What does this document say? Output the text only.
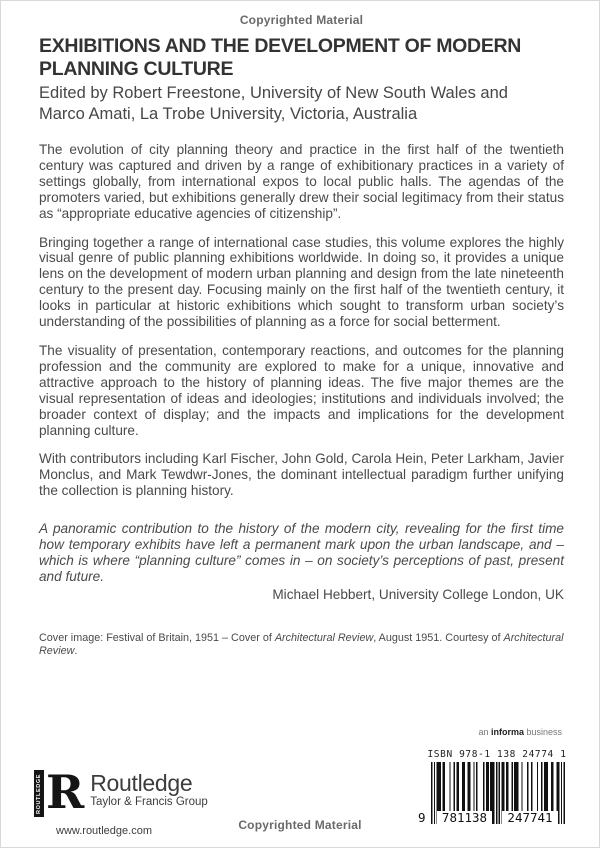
Copyrighted Material
EXHIBITIONS AND THE DEVELOPMENT OF MODERN PLANNING CULTURE
Edited by Robert Freestone, University of New South Wales and Marco Amati, La Trobe University, Victoria, Australia

The evolution of city planning theory and practice in the first half of the twentieth century was captured and driven by a range of exhibitionary practices in a variety of settings globally, from international expos to local public halls. The agendas of the promoters varied, but exhibitions generally drew their social legitimacy from their status as “appropriate educative agencies of citizenship”.

Bringing together a range of international case studies, this volume explores the highly visual genre of public planning exhibitions worldwide. In doing so, it provides a unique lens on the development of modern urban planning and design from the late nineteenth century to the present day. Focusing mainly on the first half of the twentieth century, it looks in particular at historic exhibitions which sought to transform urban society’s understanding of the possibilities of planning as a force for social betterment.

The visuality of presentation, contemporary reactions, and outcomes for the planning profession and the community are explored to make for a unique, innovative and attractive approach to the history of planning ideas. The five major themes are the visual representation of ideas and ideologies; institutions and individuals involved; the broader context of display; and the impacts and implications for the development planning culture.

With contributors including Karl Fischer, John Gold, Carola Hein, Peter Larkham, Javier Monclus, and Mark Tewdwr-Jones, the dominant intellectual paradigm further unifying the collection is planning history.

A panoramic contribution to the history of the modern city, revealing for the first time how temporary exhibits have left a permanent mark upon the urban landscape, and – which is where “planning culture” comes in – on society’s perceptions of past, present and future.

Michael Hebbert, University College London, UK
Cover image: Festival of Britain, 1951 – Cover of Architectural Review, August 1951. Courtesy of Architectural Review.
an informa business
ISBN 978-1 138 24774 1
9	781138	247741
ROUTLEDGE R Routledge
Taylor & Francis Group
www.routledge.com	Copyrighted Material
